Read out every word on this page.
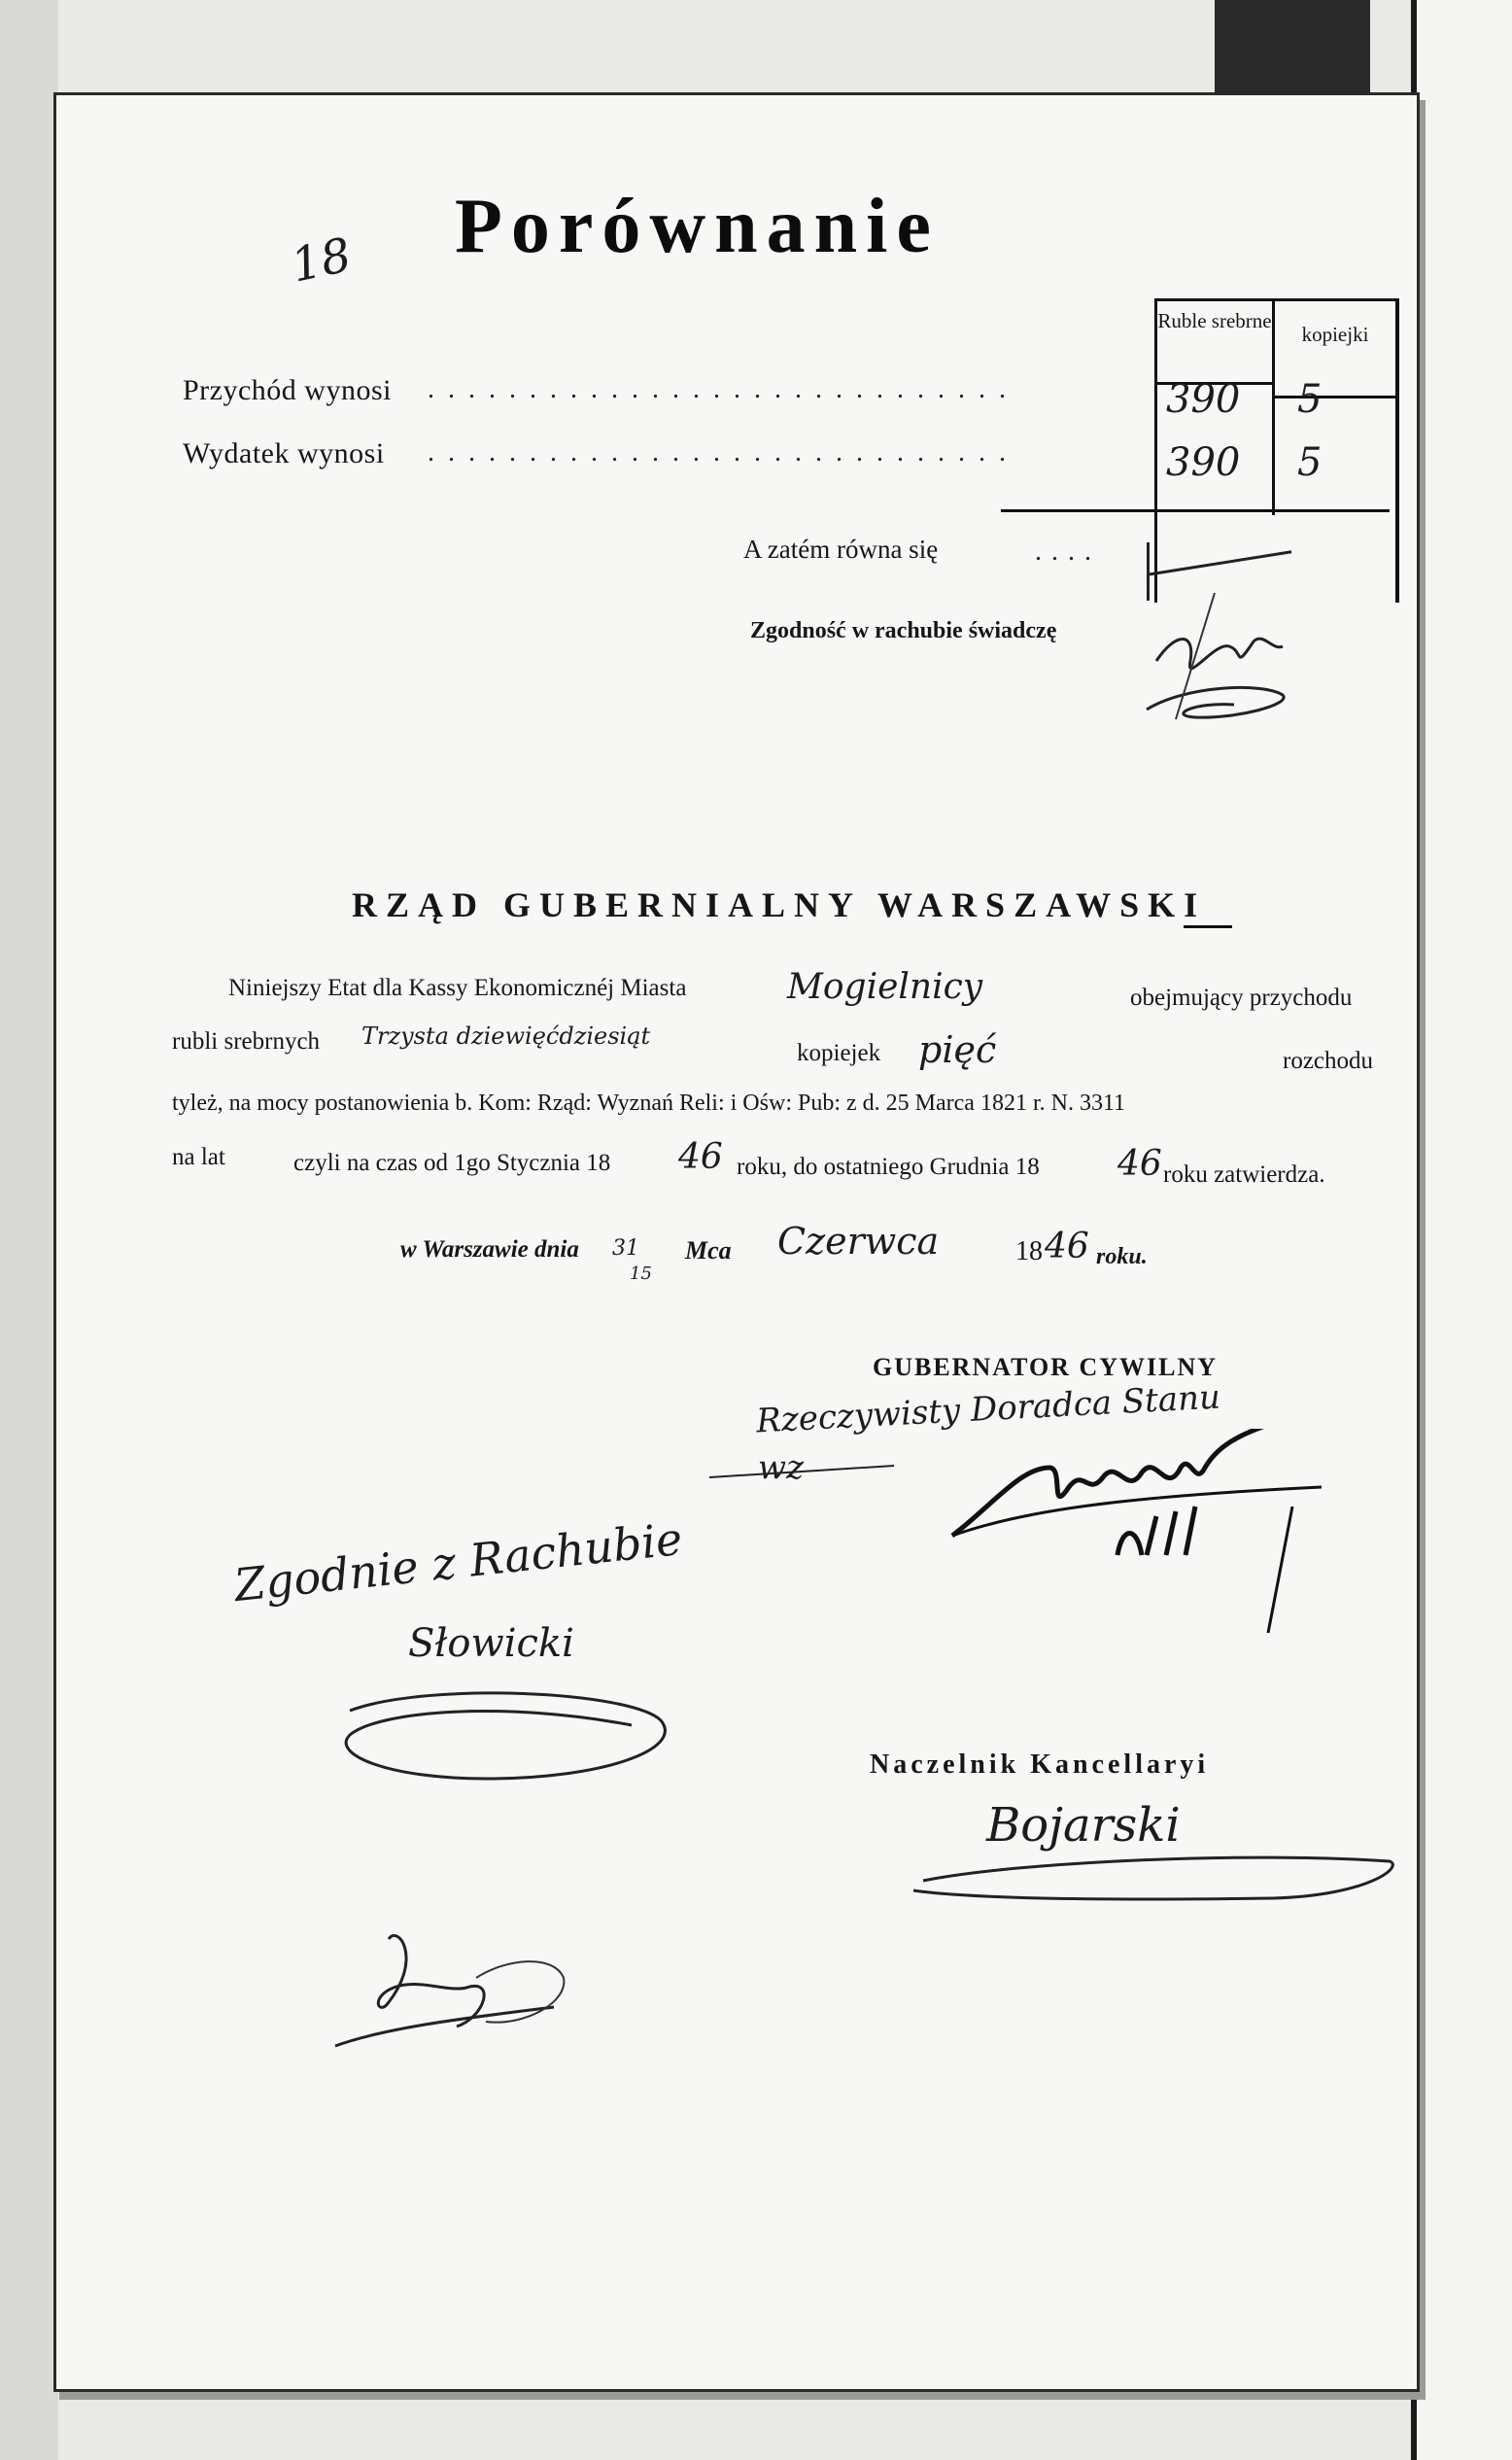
Porównanie
18
Ruble srebrne
kopiejki
Przychód wynosi .............................	390 5
Wydatek wynosi .............................	390 5
A zatém równa się	....
Zgodność w rachubie świadczę
RZĄD GUBERNIALNY WARSZAWSKI
Niniejszy Etat dla Kassy Ekonomicznéj Miasta	Mogielnicy	obejmujący przychodu
rubli srebrnych Trzysta dziewięćdziesiąt
kopiejek pięć	rozchodu
tyleż, na mocy postanowienia b. Kom: Rząd: Wyznań Reli: i Ośw: Pub: z d. 25 Marca 1821 r. N. 3311
na lat	czyli na czas od 1go Stycznia 18 46 roku, do ostatniego Grudnia 18 46 roku zatwierdza.
w Warszawie dnia 31
15
Mca Czerwca	18 46 roku.
GUBERNATOR CYWILNY
Rzeczywisty Doradca Stanu
wz
Zgodnie z Rachubie
Słowicki
Naczelnik Kancellaryi
Bojarski
